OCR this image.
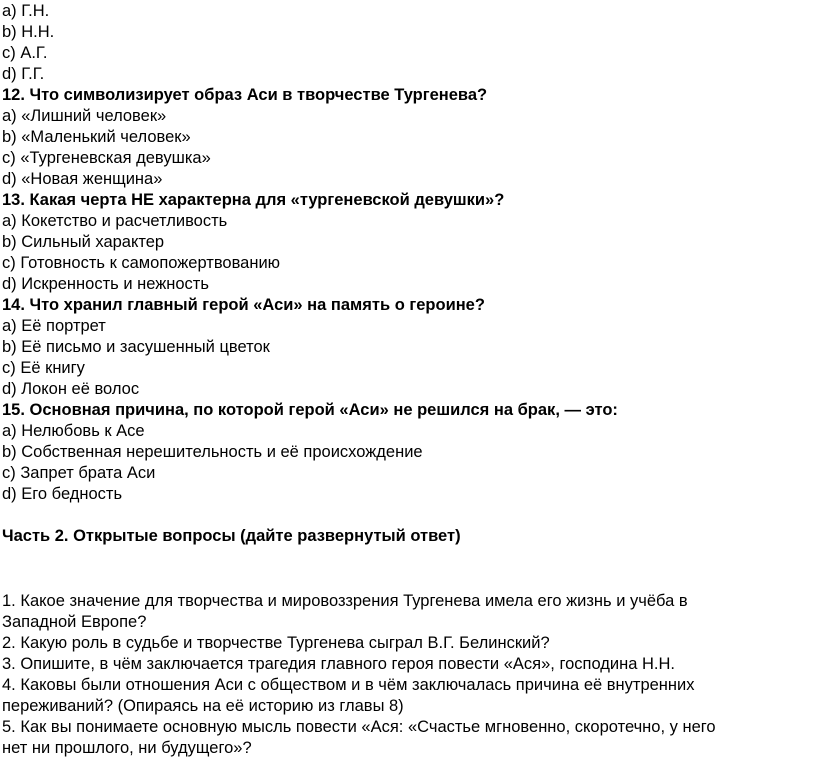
a) Г.Н.
b) Н.Н.
c) А.Г.
d) Г.Г.
12. Что символизирует образ Аси в творчестве Тургенева?
a) «Лишний человек»
b) «Маленький человек»
c) «Тургеневская девушка»
d) «Новая женщина»
13. Какая черта НЕ характерна для «тургеневской девушки»?
a) Кокетство и расчетливость
b) Сильный характер
c) Готовность к самопожертвованию
d) Искренность и нежность
14. Что хранил главный герой «Аси» на память о героине?
a) Её портрет
b) Её письмо и засушенный цветок
c) Её книгу
d) Локон её волос
15. Основная причина, по которой герой «Аси» не решился на брак, — это:
a) Нелюбовь к Асе
b) Собственная нерешительность и её происхождение
c) Запрет брата Аси
d) Его бедность
Часть 2. Открытые вопросы (дайте развернутый ответ)
1. Какое значение для творчества и мировоззрения Тургенева имела его жизнь и учёба в
Западной Европе?
2. Какую роль в судьбе и творчестве Тургенева сыграл В.Г. Белинский?
3. Опишите, в чём заключается трагедия главного героя повести «Ася», господина Н.Н.
4. Каковы были отношения Аси с обществом и в чём заключалась причина её внутренних
переживаний? (Опираясь на её историю из главы 8)
5. Как вы понимаете основную мысль повести «Ася: «Счастье мгновенно, скоротечно, у него
нет ни прошлого, ни будущего»?
